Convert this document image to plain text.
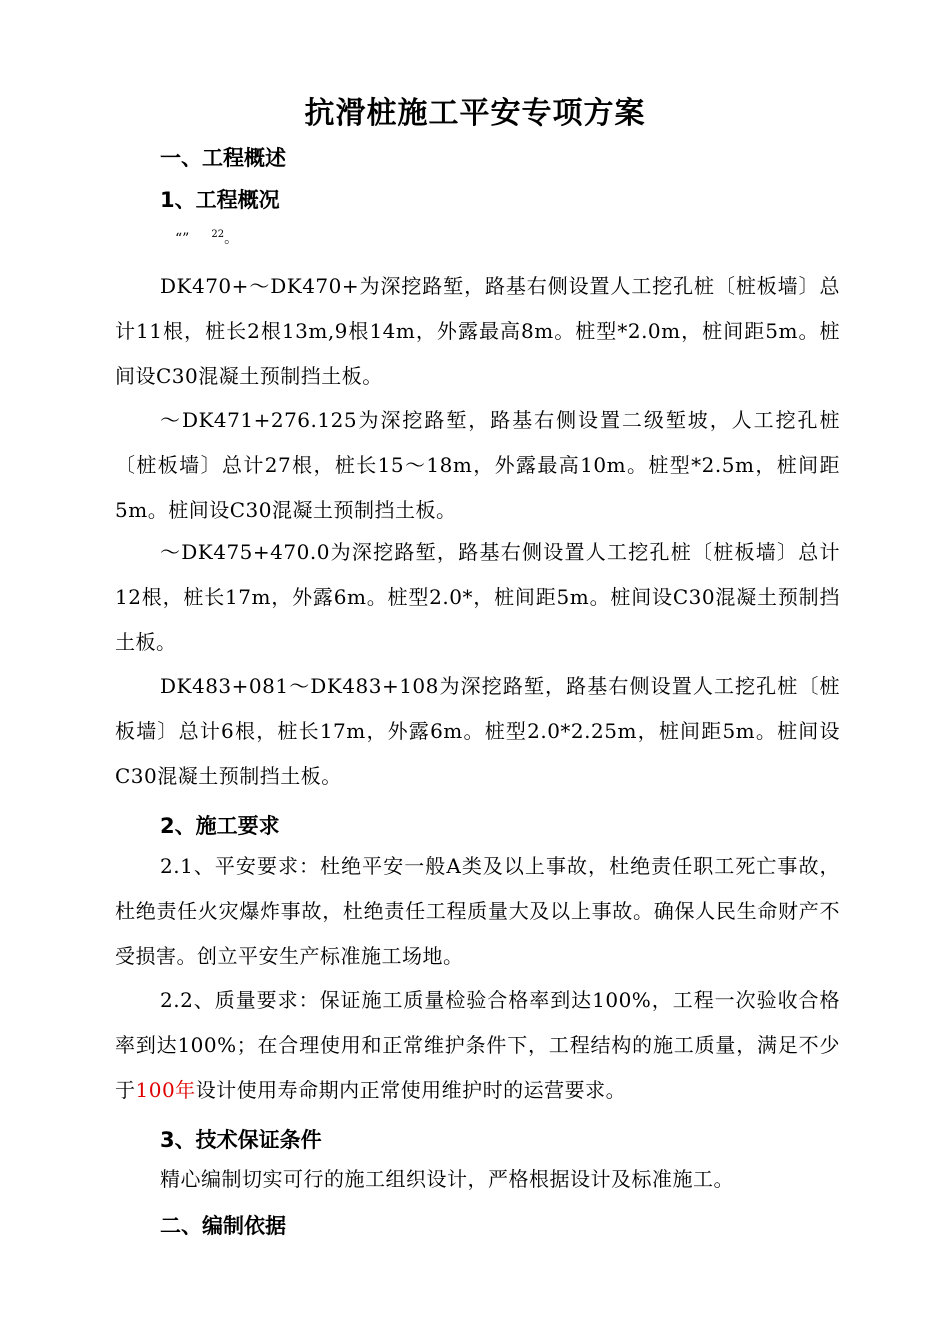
抗滑桩施工平安专项方案
一、工程概述
1、工程概况
“” $^{22}$。
DK470+～DK470+为深挖路堑，路基右侧设置人工挖孔桩〔桩板墙〕总计11根，桩长2根13m,9根14m，外露最高8m。桩型*2.0m，桩间距5m。桩间设C30混凝土预制挡土板。
～DK471+276.125为深挖路堑，路基右侧设置二级堑坡，人工挖孔桩〔桩板墙〕总计27根，桩长15～18m，外露最高10m。桩型*2.5m，桩间距5m。桩间设C30混凝土预制挡土板。
～DK475+470.0为深挖路堑，路基右侧设置人工挖孔桩〔桩板墙〕总计12根，桩长17m，外露6m。桩型2.0*，桩间距5m。桩间设C30混凝土预制挡土板。
DK483+081～DK483+108为深挖路堑，路基右侧设置人工挖孔桩〔桩板墙〕总计6根，桩长17m，外露6m。桩型2.0*2.25m，桩间距5m。桩间设C30混凝土预制挡土板。
2、施工要求
2.1、平安要求：杜绝平安一般A类及以上事故，杜绝责任职工死亡事故，杜绝责任火灾爆炸事故，杜绝责任工程质量大及以上事故。确保人民生命财产不受损害。创立平安生产标准施工场地。
2.2、质量要求：保证施工质量检验合格率到达100%，工程一次验收合格率到达100%；在合理使用和正常维护条件下，工程结构的施工质量，满足不少于100年设计使用寿命期内正常使用维护时的运营要求。
3、技术保证条件
精心编制切实可行的施工组织设计，严格根据设计及标准施工。
二、编制依据
